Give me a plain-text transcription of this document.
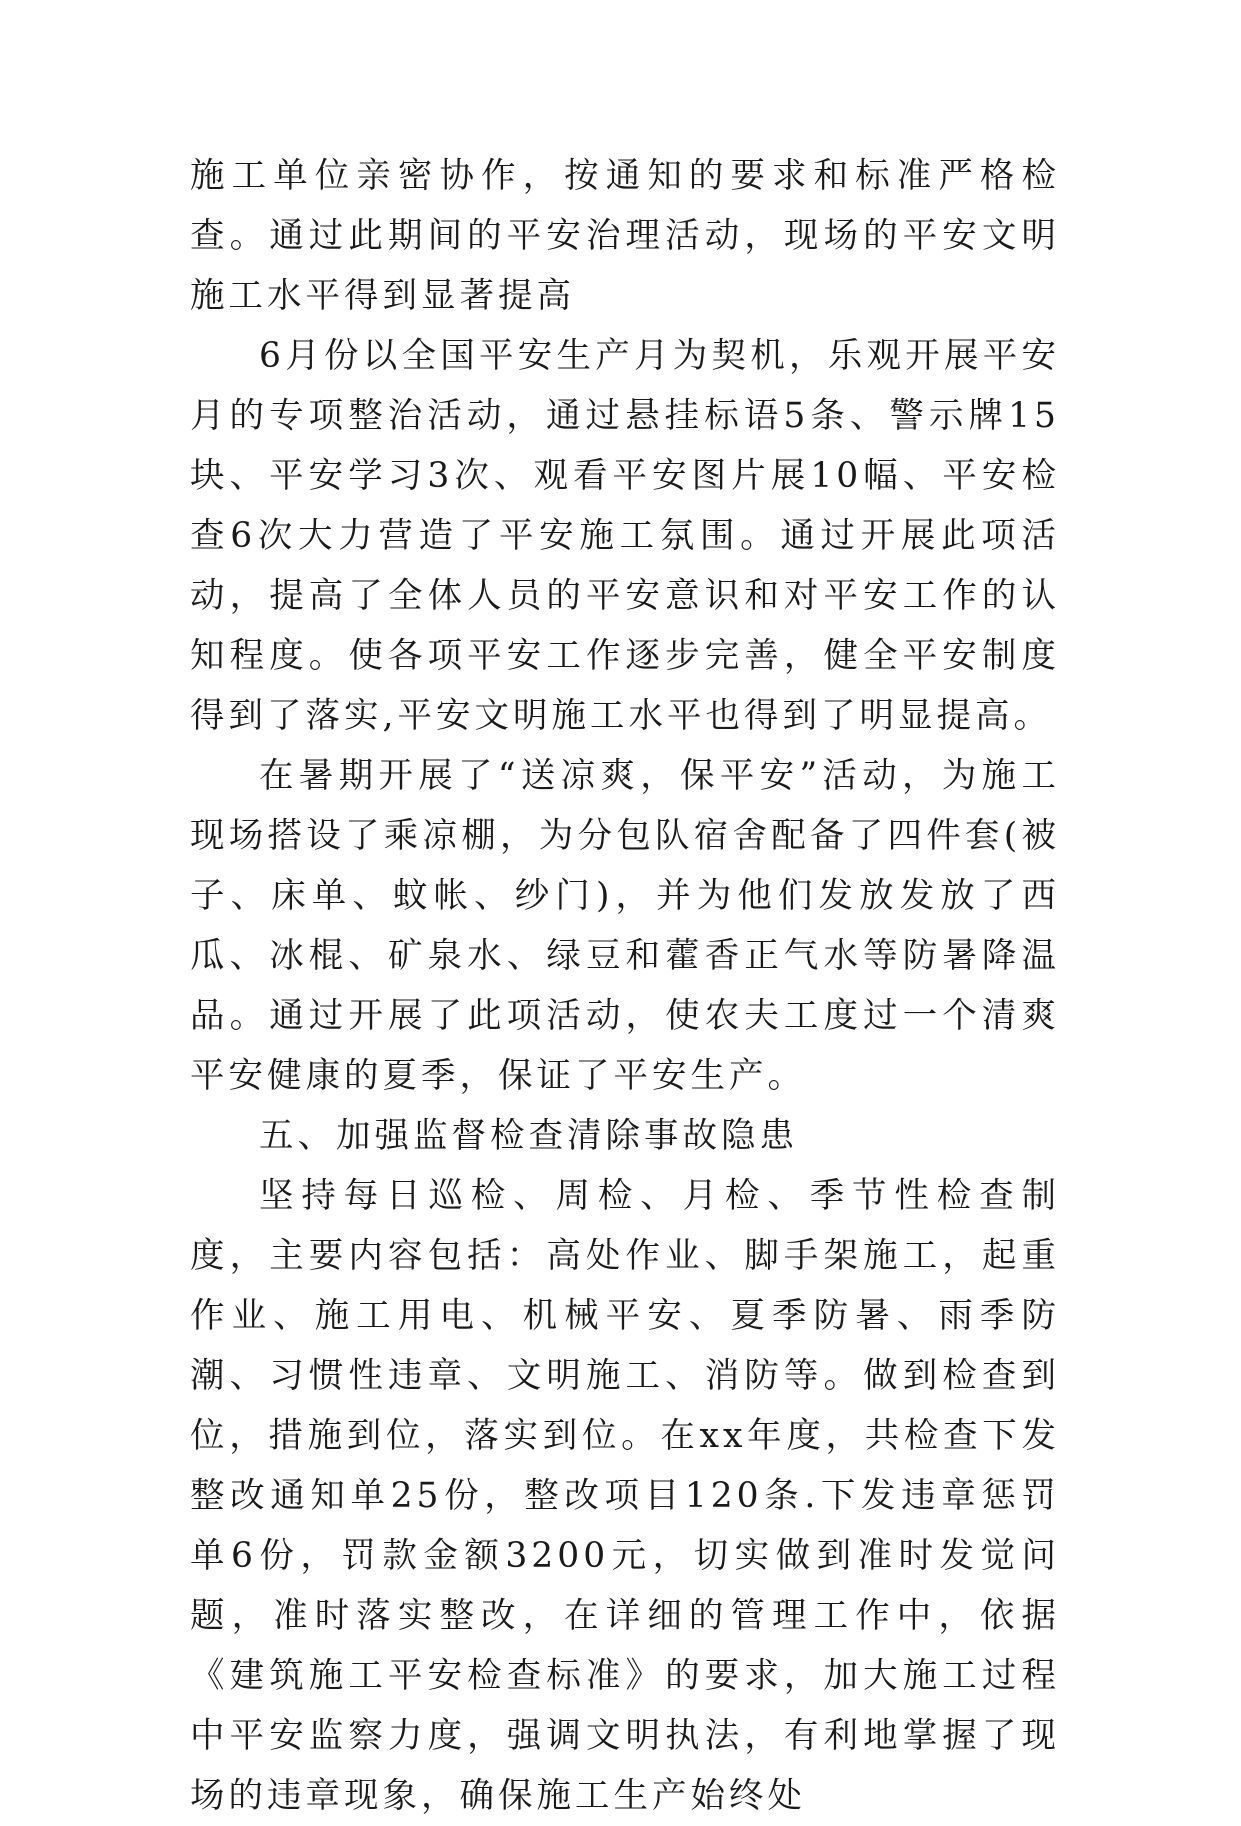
施工单位亲密协作，按通知的要求和标准严格检查。通过此期间的平安治理活动，现场的平安文明施工水平得到显著提高

6月份以全国平安生产月为契机，乐观开展平安月的专项整治活动，通过悬挂标语5条、警示牌15块、平安学习3次、观看平安图片展10幅、平安检查6次大力营造了平安施工氛围。通过开展此项活动，提高了全体人员的平安意识和对平安工作的认知程度。使各项平安工作逐步完善，健全平安制度得到了落实,平安文明施工水平也得到了明显提高。

在暑期开展了“送凉爽，保平安”活动，为施工现场搭设了乘凉棚，为分包队宿舍配备了四件套(被子、床单、蚊帐、纱门)，并为他们发放发放了西瓜、冰棍、矿泉水、绿豆和藿香正气水等防暑降温品。通过开展了此项活动，使农夫工度过一个清爽平安健康的夏季，保证了平安生产。

五、加强监督检查清除事故隐患

坚持每日巡检、周检、月检、季节性检查制度，主要内容包括：高处作业、脚手架施工，起重作业、施工用电、机械平安、夏季防暑、雨季防潮、习惯性违章、文明施工、消防等。做到检查到位，措施到位，落实到位。在xx年度，共检查下发整改通知单25份，整改项目120条.下发违章惩罚单6份，罚款金额3200元，切实做到准时发觉问题，准时落实整改，在详细的管理工作中，依据《建筑施工平安检查标准》的要求，加大施工过程中平安监察力度，强调文明执法，有利地掌握了现场的违章现象，确保施工生产始终处
